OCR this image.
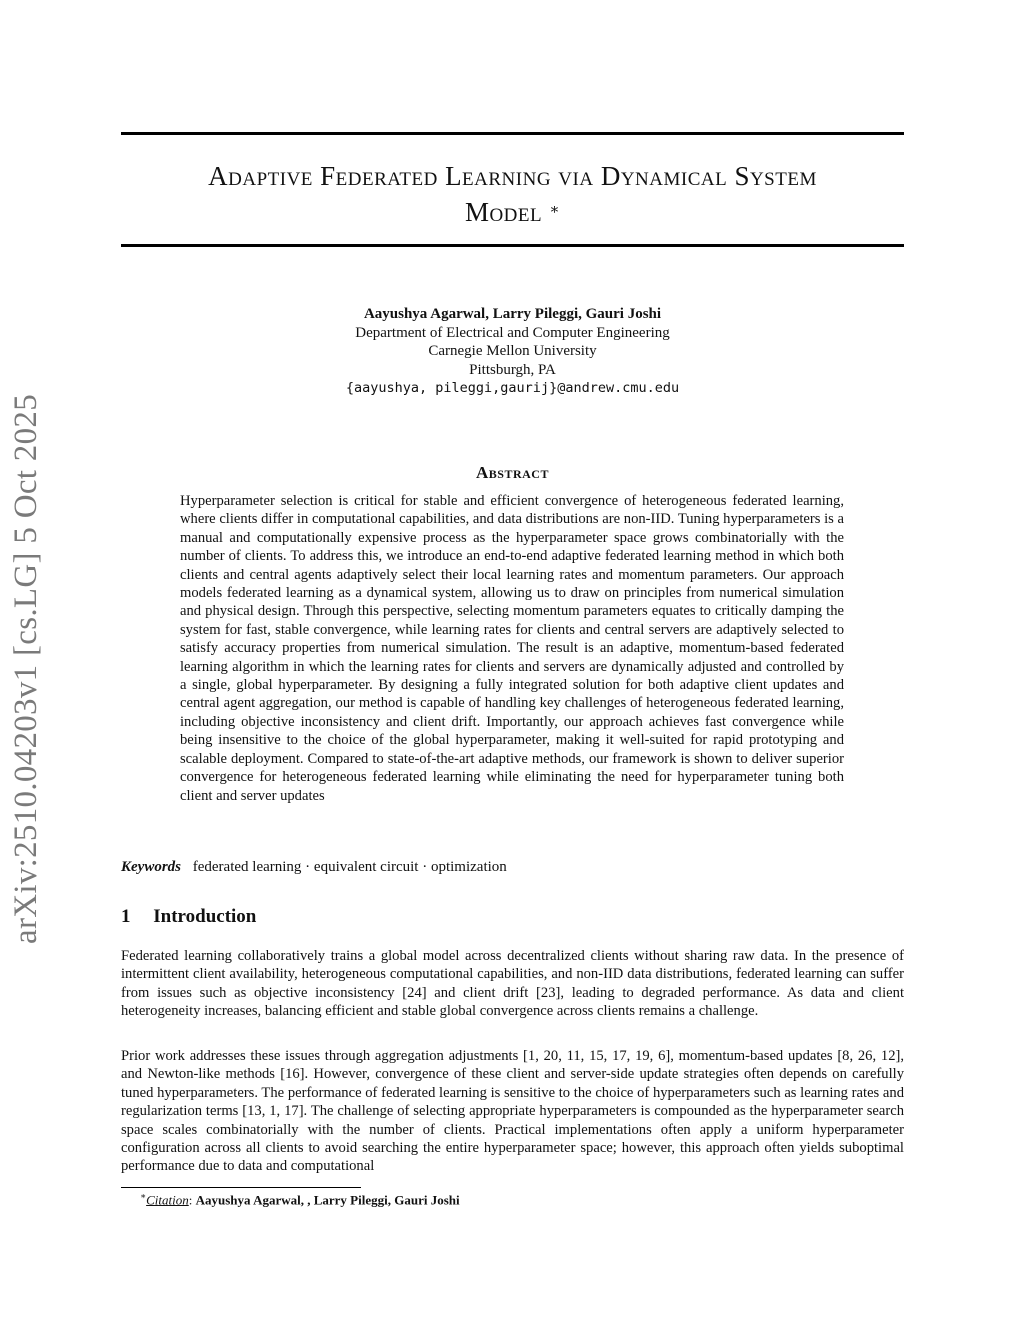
arXiv:2510.04203v1 [cs.LG] 5 Oct 2025
Adaptive Federated Learning via Dynamical System
Model ∗
Aayushya Agarwal, Larry Pileggi, Gauri Joshi
Department of Electrical and Computer Engineering
Carnegie Mellon University
Pittsburgh, PA
{aayushya, pileggi,gaurij}@andrew.cmu.edu
Abstract
Hyperparameter selection is critical for stable and efficient convergence of heterogeneous federated learning, where clients differ in computational capabilities, and data distributions are non-IID. Tuning hyperparameters is a manual and computationally expensive process as the hyperparameter space grows combinatorially with the number of clients. To address this, we introduce an end-to-end adaptive federated learning method in which both clients and central agents adaptively select their local learning rates and momentum parameters. Our approach models federated learning as a dynamical system, allowing us to draw on principles from numerical simulation and physical design. Through this perspective, selecting momentum parameters equates to critically damping the system for fast, stable convergence, while learning rates for clients and central servers are adaptively selected to satisfy accuracy properties from numerical simulation. The result is an adaptive, momentum-based federated learning algorithm in which the learning rates for clients and servers are dynamically adjusted and controlled by a single, global hyperparameter. By designing a fully integrated solution for both adaptive client updates and central agent aggregation, our method is capable of handling key challenges of heterogeneous federated learning, including objective inconsistency and client drift. Importantly, our approach achieves fast convergence while being insensitive to the choice of the global hyperparameter, making it well-suited for rapid prototyping and scalable deployment. Compared to state-of-the-art adaptive methods, our framework is shown to deliver superior convergence for heterogeneous federated learning while eliminating the need for hyperparameter tuning both client and server updates
Keywords federated learning · equivalent circuit · optimization
1 Introduction
Federated learning collaboratively trains a global model across decentralized clients without sharing raw data. In the presence of intermittent client availability, heterogeneous computational capabilities, and non-IID data distributions, federated learning can suffer from issues such as objective inconsistency [24] and client drift [23], leading to degraded performance. As data and client heterogeneity increases, balancing efficient and stable global convergence across clients remains a challenge.
Prior work addresses these issues through aggregation adjustments [1, 20, 11, 15, 17, 19, 6], momentum-based updates [8, 26, 12], and Newton-like methods [16]. However, convergence of these client and server-side update strategies often depends on carefully tuned hyperparameters. The performance of federated learning is sensitive to the choice of hyperparameters such as learning rates and regularization terms [13, 1, 17]. The challenge of selecting appropriate hyperparameters is compounded as the hyperparameter search space scales combinatorially with the number of clients. Practical implementations often apply a uniform hyperparameter configuration across all clients to avoid searching the entire hyperparameter space; however, this approach often yields suboptimal performance due to data and computational
∗Citation: Aayushya Agarwal, , Larry Pileggi, Gauri Joshi
